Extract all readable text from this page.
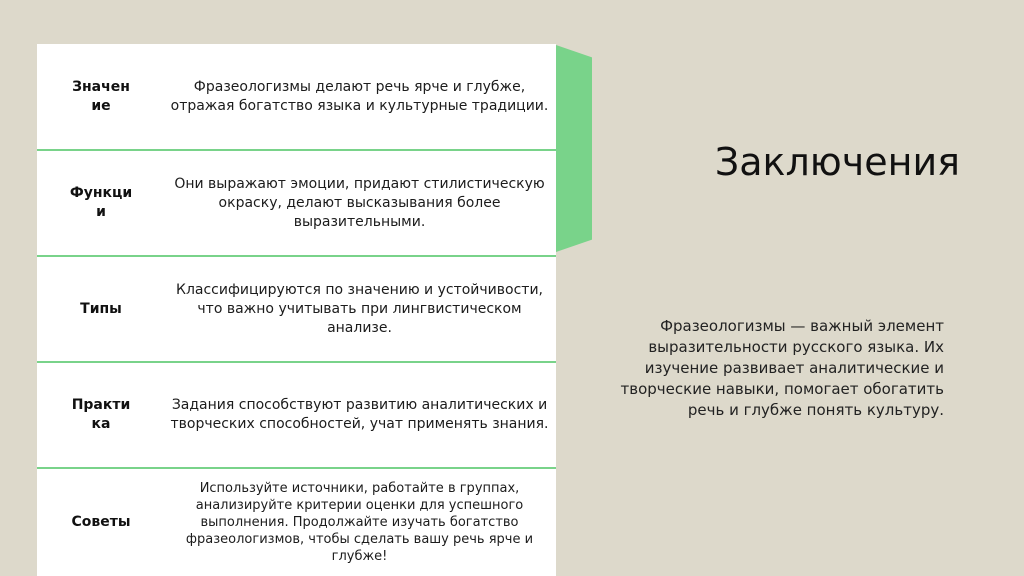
Значен ие
Фразеологизмы делают речь ярче и глубже, отражая богатство языка и культурные традиции.
Функци и
Они выражают эмоции, придают стилистическую окраску, делают высказывания более выразительными.
Типы
Классифицируются по значению и устойчивости, что важно учитывать при лингвистическом анализе.
Практи ка
Задания способствуют развитию аналитических и творческих способностей, учат применять знания.
Советы
Используйте источники, работайте в группах, анализируйте критерии оценки для успешного выполнения. Продолжайте изучать богатство фразеологизмов, чтобы сделать вашу речь ярче и глубже!
Заключения
Фразеологизмы — важный элемент выразительности русского языка. Их изучение развивает аналитические и творческие навыки, помогает обогатить речь и глубже понять культуру.
